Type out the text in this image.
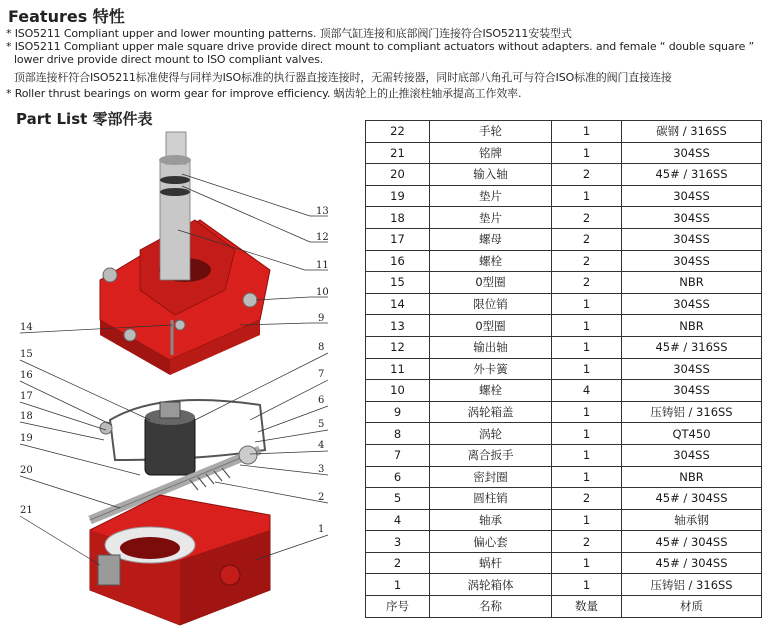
Features 特性
* ISO5211 Compliant upper and lower mounting patterns. 顶部气缸连接和底部阀门连接符合ISO5211安装型式
* ISO5211 Compliant upper male square drive provide direct mount to compliant actuators without adapters. and female “ double square ”
lower drive provide direct mount to ISO compliant valves.
顶部连接杆符合ISO5211标准使得与同样为ISO标准的执行器直接连接时，无需转接器，同时底部八角孔可与符合ISO标准的阀门直接连接
* Roller thrust bearings on worm gear for improve efficiency. 蜗齿轮上的止推滚柱轴承提高工作效率.
Part List 零部件表
13
12
11
10
9
14
15
16
17
18
19
20
21
8
7
6
5
4
3
2
1
22	手轮	1	碳钢 / 316SS
21	铭牌	1	304SS
20	输入轴	2	45# / 316SS
19	垫片	1	304SS
18	垫片	2	304SS
17	螺母	2	304SS
16	螺栓	2	304SS
15	0型圈	2	NBR
14	限位销	1	304SS
13	0型圈	1	NBR
12	输出轴	1	45# / 316SS
11	外卡簧	1	304SS
10	螺栓	4	304SS
9	涡轮箱盖	1	压铸铝 / 316SS
8	涡轮	1	QT450
7	离合扳手	1	304SS
6	密封圈	1	NBR
5	圆柱销	2	45# / 304SS
4	轴承	1	轴承钢
3	偏心套	2	45# / 304SS
2	蜗杆	1	45# / 304SS
1	涡轮箱体	1	压铸铝 / 316SS
序号	名称	数量	材质
